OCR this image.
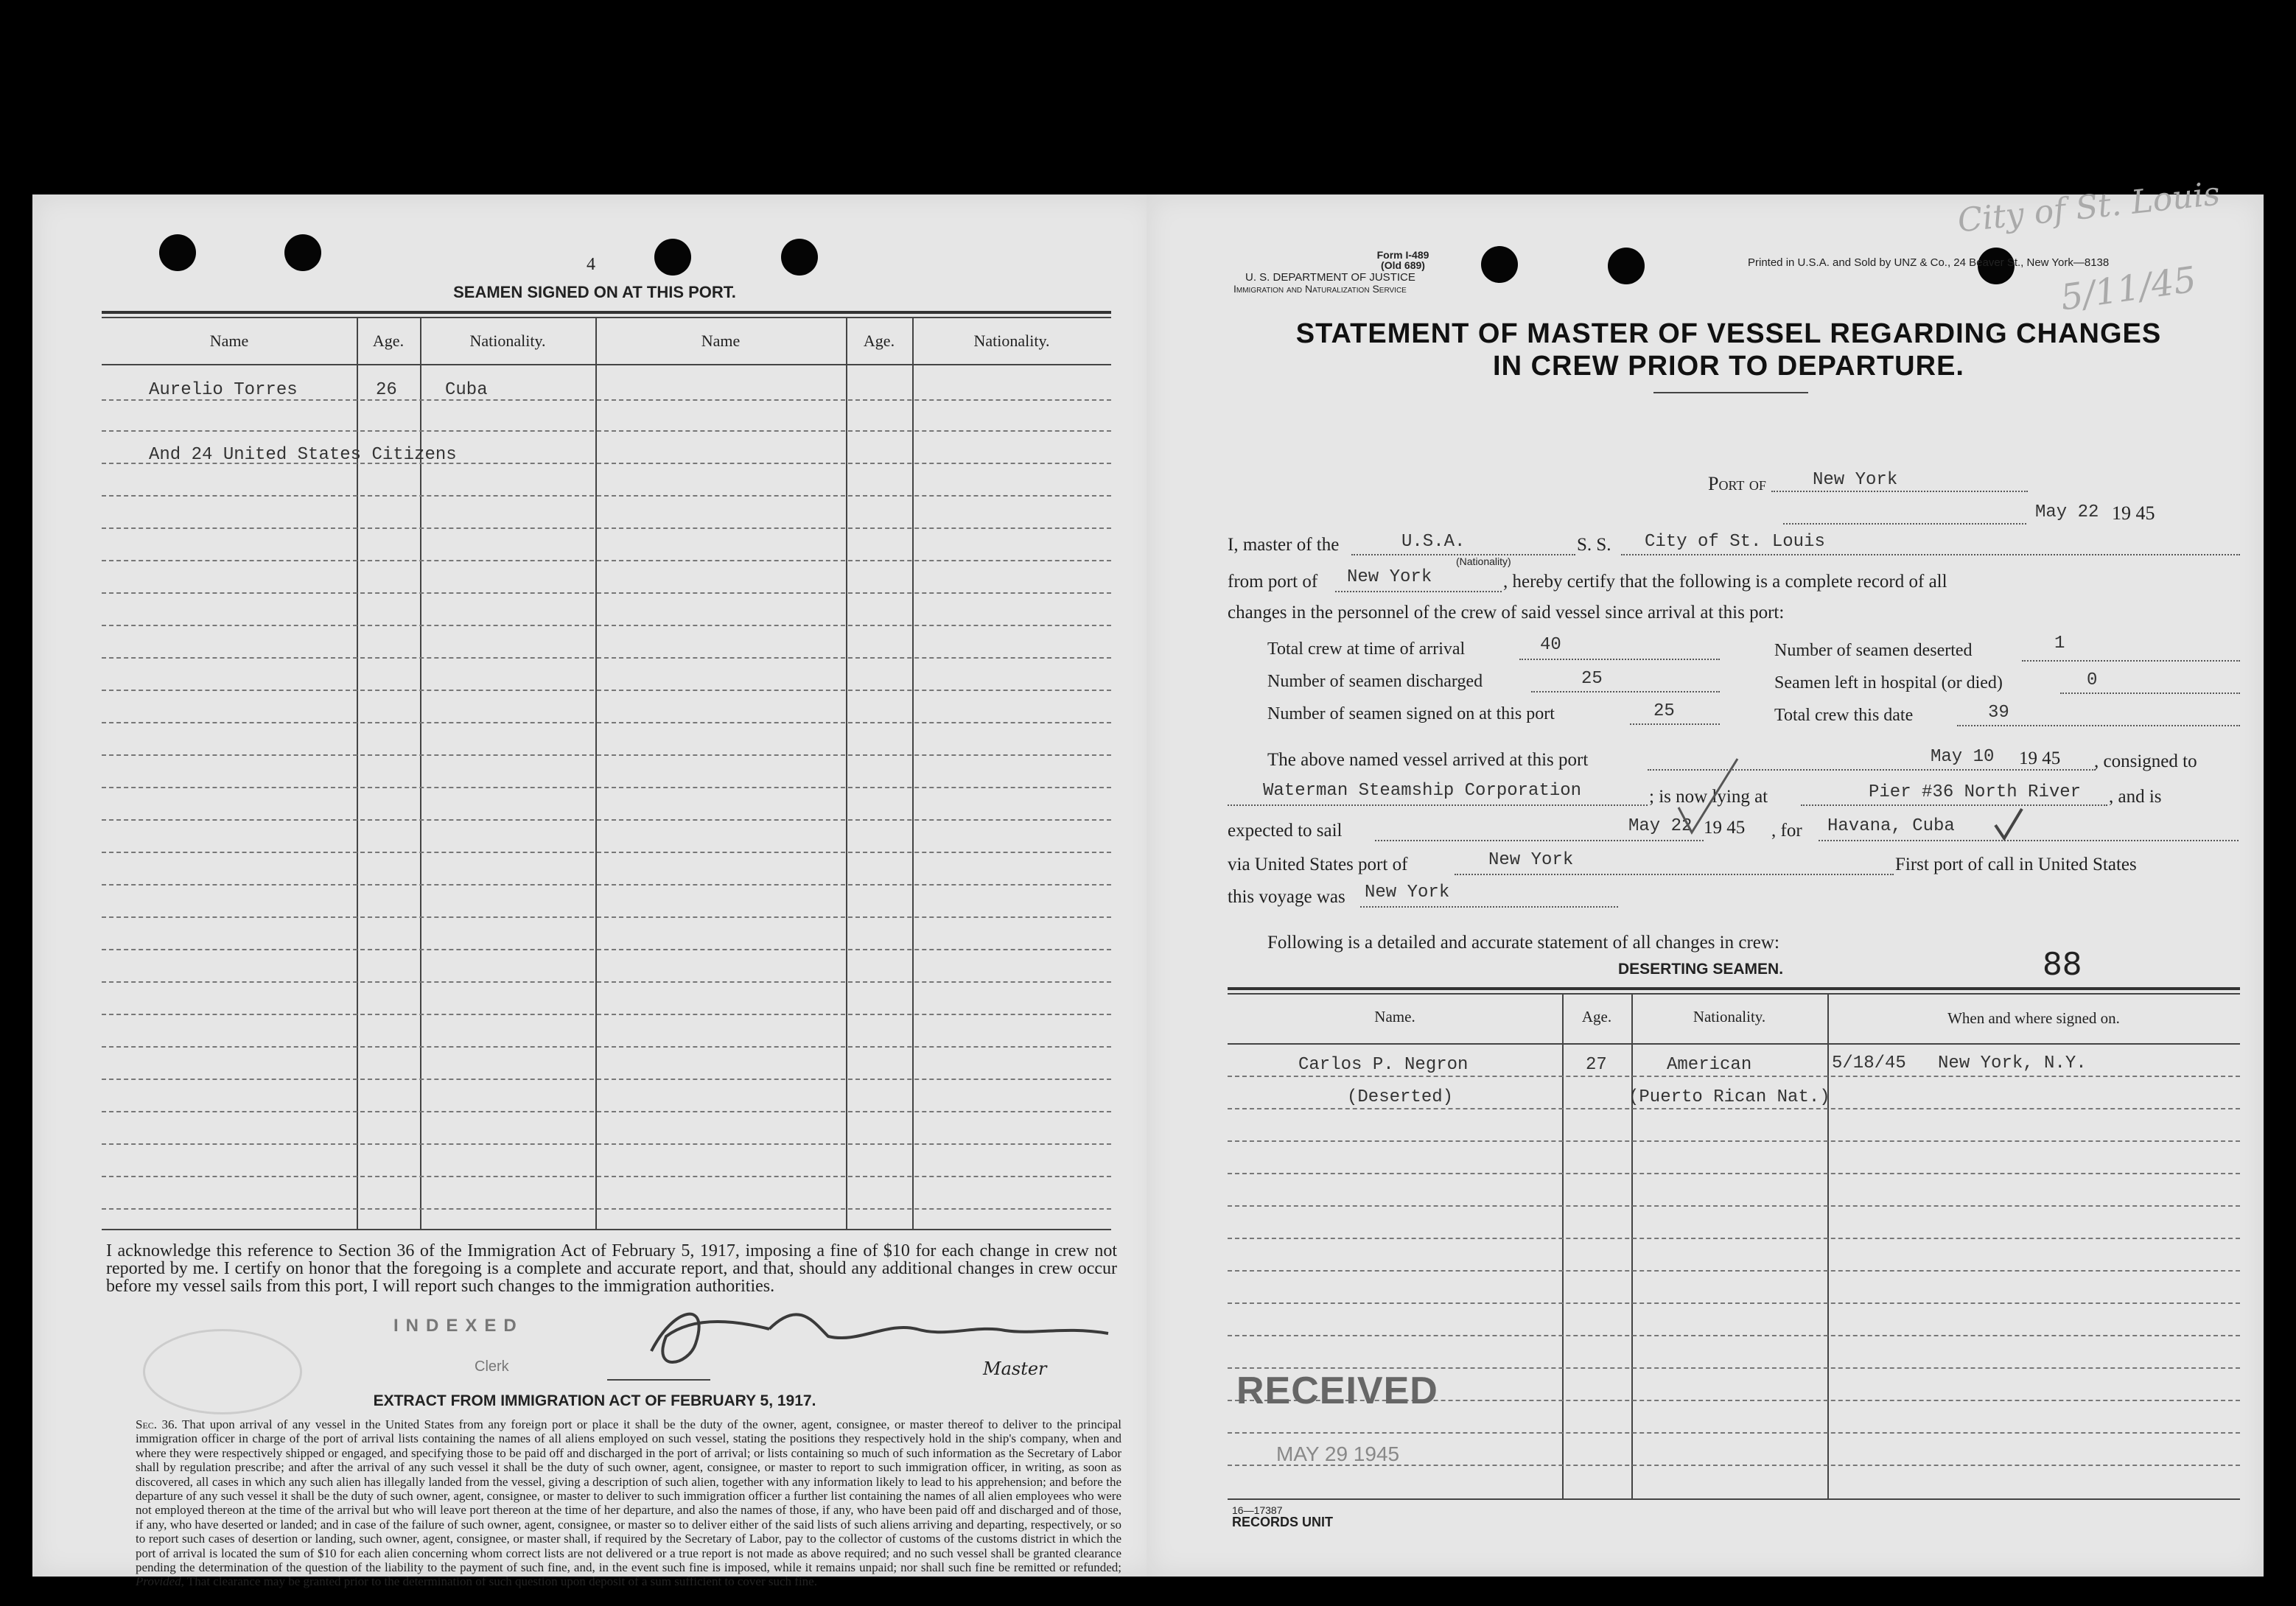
4
SEAMEN SIGNED ON AT THIS PORT.
Name	Age.	Nationality.	Name	Age.	Nationality.
Aurelio Torres	26	Cuba
And 24 United States Citizens
I acknowledge this reference to Section 36 of the Immigration Act of February 5, 1917, imposing a fine of $10 for each change in crew not reported by me. I certify on honor that the foregoing is a complete and accurate report, and that, should any additional changes in crew occur before my vessel sails from this port, I will report such changes to the immigration authorities.
Master
INDEXED
Clerk
EXTRACT FROM IMMIGRATION ACT OF FEBRUARY 5, 1917.
Sec. 36. That upon arrival of any vessel in the United States from any foreign port or place it shall be the duty of the owner, agent, consignee, or master thereof to deliver to the principal immigration officer in charge of the port of arrival lists containing the names of all aliens employed on such vessel, stating the positions they respectively hold in the ship's company, when and where they were respectively shipped or engaged, and specifying those to be paid off and discharged in the port of arrival; or lists containing so much of such information as the Secretary of Labor shall by regulation prescribe; and after the arrival of any such vessel it shall be the duty of such owner, agent, consignee, or master to report to such immigration officer, in writing, as soon as discovered, all cases in which any such alien has illegally landed from the vessel, giving a description of such alien, together with any information likely to lead to his apprehension; and before the departure of any such vessel it shall be the duty of such owner, agent, consignee, or master to deliver to such immigration officer a further list containing the names of all alien employees who were not employed thereon at the time of the arrival but who will leave port thereon at the time of her departure, and also the names of those, if any, who have been paid off and discharged and of those, if any, who have deserted or landed; and in case of the failure of such owner, agent, consignee, or master so to deliver either of the said lists of such aliens arriving and departing, respectively, or so to report such cases of desertion or landing, such owner, agent, consignee, or master shall, if required by the Secretary of Labor, pay to the collector of customs of the customs district in which the port of arrival is located the sum of $10 for each alien concerning whom correct lists are not delivered or a true report is not made as above required; and no such vessel shall be granted clearance pending the determination of the question of the liability to the payment of such fine, and, in the event such fine is imposed, while it remains unpaid; nor shall such fine be remitted or refunded; Provided, That clearance may be granted prior to the determination of such question upon deposit of a sum sufficient to cover such fine.
Form I-489
(Old 689)
U. S. DEPARTMENT OF JUSTICE
Immigration and Naturalization Service
Printed in U.S.A. and Sold by UNZ & Co., 24 Beaver St., New York—8138
City of St. Louis
5/11/45
STATEMENT OF MASTER OF VESSEL REGARDING CHANGES
IN CREW PRIOR TO DEPARTURE.
Port of	New York
May 22 19 45
I, master of the	U.S.A.
(Nationality)
S. S. City of St. Louis
from port of New York	, hereby certify that the following is a complete record of all
changes in the personnel of the crew of said vessel since arrival at this port:
Total crew at time of arrival	40	Number of seamen deserted	1
Number of seamen discharged	25	Seamen left in hospital (or died)	0
Number of seamen signed on at this port	25	Total crew this date	39
The above named vessel arrived at this port	May 10 19 45 , consigned to
Waterman Steamship Corporation	; is now lying at	Pier #36 North River , and is
expected to sail	May 22 19 45 , for Havana, Cuba
via United States port of	New York	First port of call in United States
this voyage was New York
Following is a detailed and accurate statement of all changes in crew:
DESERTING SEAMEN.	88
Name.	Age.	Nationality.	When and where signed on.
Carlos P. Negron	27	American	5/18/45   New York, N.Y.
(Deserted)	(Puerto Rican Nat.)
RECEIVED
MAY 29 1945
16—17387
RECORDS UNIT
